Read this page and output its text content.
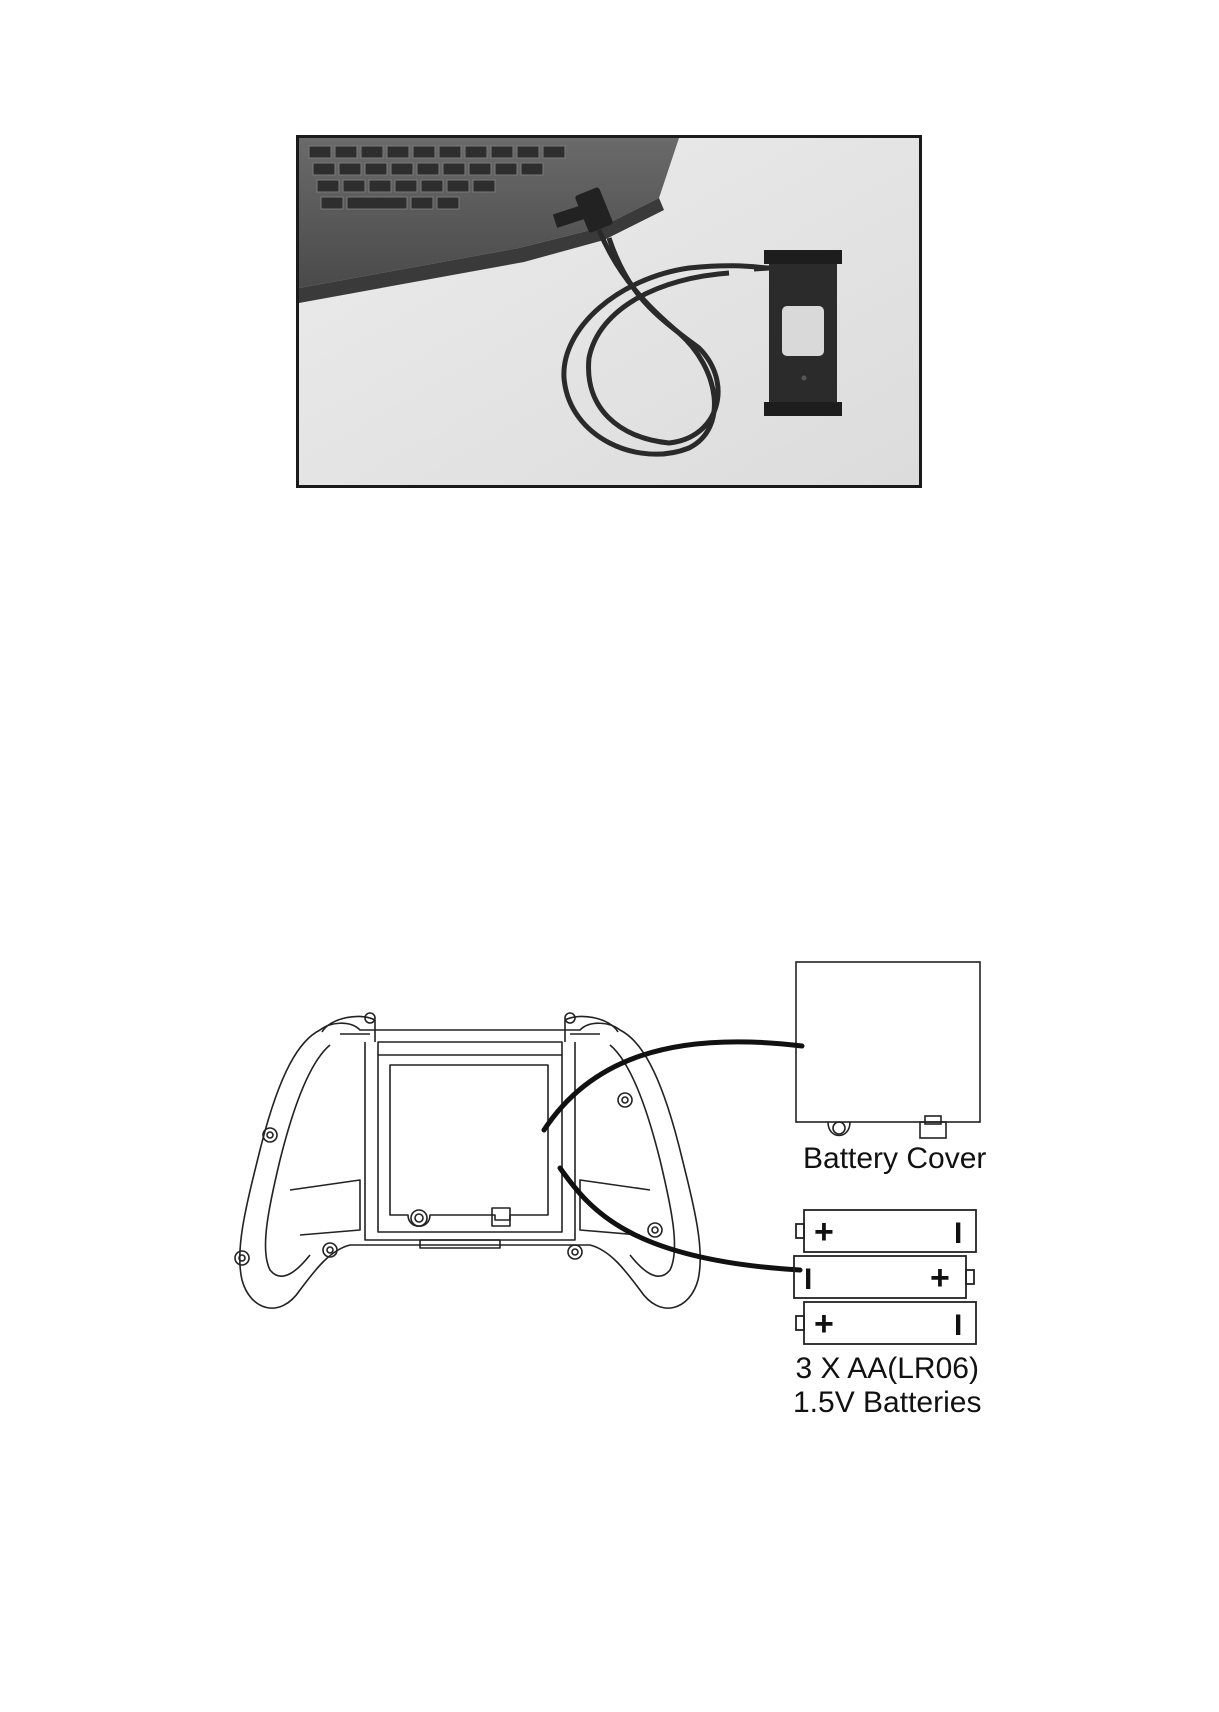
+	I
I	+
+	I
Battery Cover
3 X AA(LR06)
1.5V Batteries
